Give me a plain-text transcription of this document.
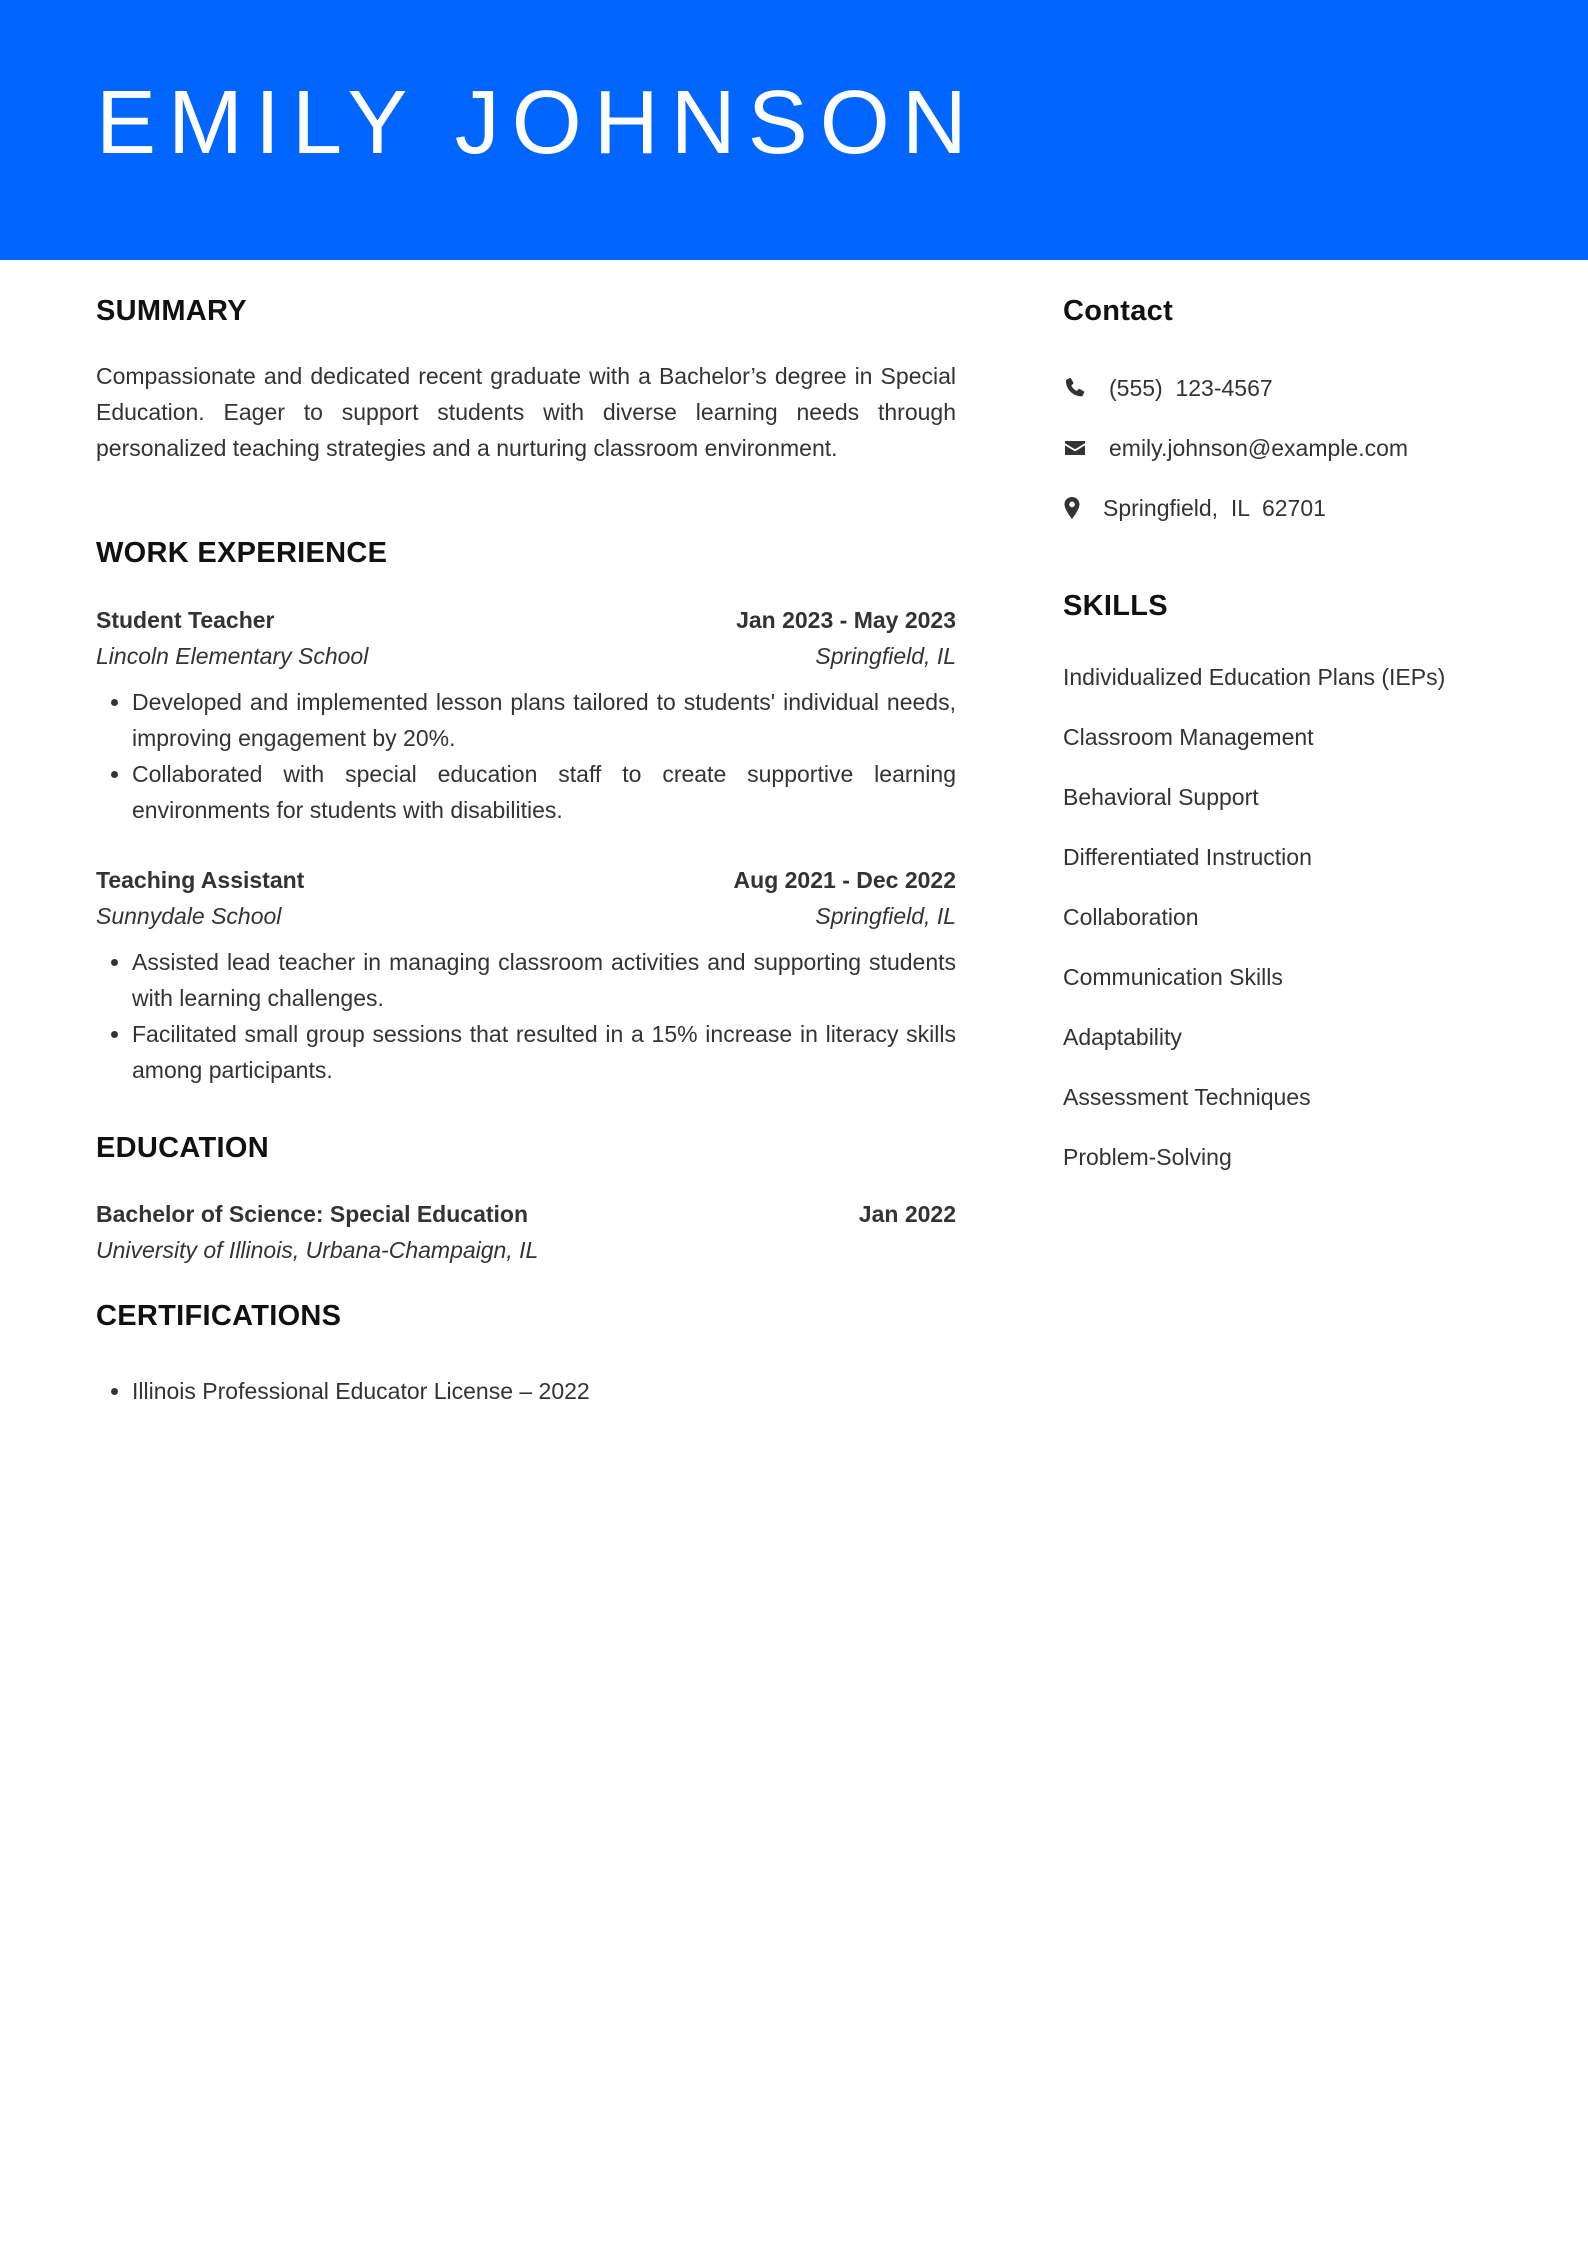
EMILY JOHNSON
SUMMARY

Compassionate and dedicated recent graduate with a Bachelor’s degree in Special Education. Eager to support students with diverse learning needs through personalized teaching strategies and a nurturing classroom environment.

WORK EXPERIENCE
Student Teacher	Jan 2023 - May 2023
Lincoln Elementary School	Springfield, IL
• Developed and implemented lesson plans tailored to students' individual needs, improving engagement by 20%.
• Collaborated with special education staff to create supportive learning environments for students with disabilities.
Teaching Assistant	Aug 2021 - Dec 2022
Sunnydale School	Springfield, IL
• Assisted lead teacher in managing classroom activities and supporting students with learning challenges.
• Facilitated small group sessions that resulted in a 15% increase in literacy skills among participants.
EDUCATION
Bachelor of Science: Special Education	Jan 2022
University of Illinois, Urbana-Champaign, IL
CERTIFICATIONS
• Illinois Professional Educator License – 2022
Contact
(555)  123-4567
emily.johnson@example.com
Springfield,  IL  62701
SKILLS
Individualized Education Plans (IEPs)
Classroom Management
Behavioral Support
Differentiated Instruction
Collaboration
Communication Skills
Adaptability
Assessment Techniques
Problem-Solving
